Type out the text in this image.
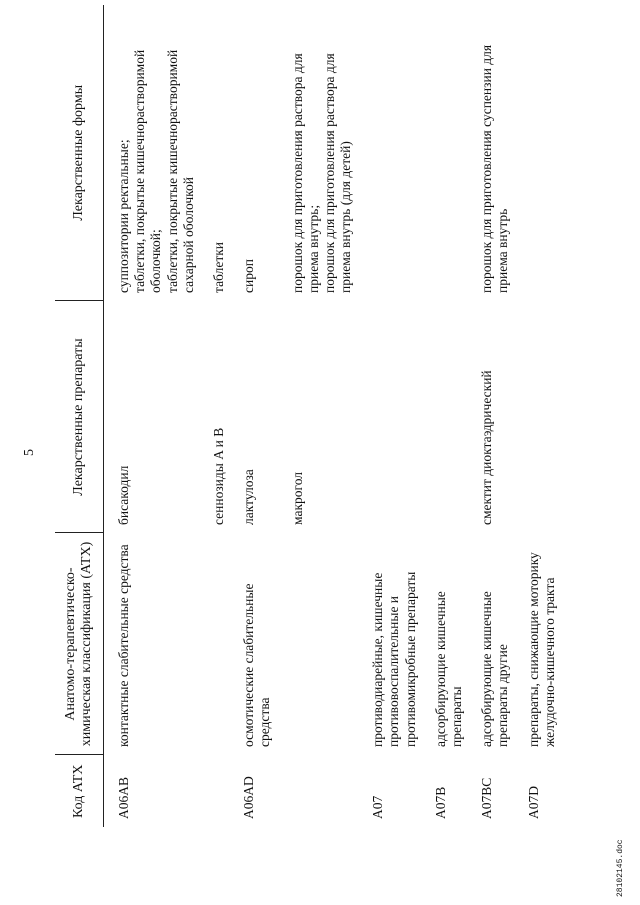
5
Код АТХ	Анатомо-терапевтическо-химическая классификация (АТХ)	Лекарственные препараты	Лекарственные формы
A06AB	контактные слабительные средства	бисакодил	суппозитории ректальные; таблетки, покрытые кишечнорастворимой оболочкой; таблетки, покрытые кишечнорастворимой сахарной оболочкой

		сеннозиды A и B	таблетки

A06AD	осмотические слабительные средства	лактулоза	сироп

		макрогол	порошок для приготовления раствора для приема внутрь; порошок для приготовления раствора для приема внутрь (для детей)

A07	противодиарейные, кишечные противовоспалительные и противомикробные препараты		
A07B	адсорбирующие кишечные препараты		
A07BC	адсорбирующие кишечные препараты другие	смектит диоктаэдрический	порошок для приготовления суспензии для приема внутрь

A07D	препараты, снижающие моторику желудочно-кишечного тракта		
28102145.doc
